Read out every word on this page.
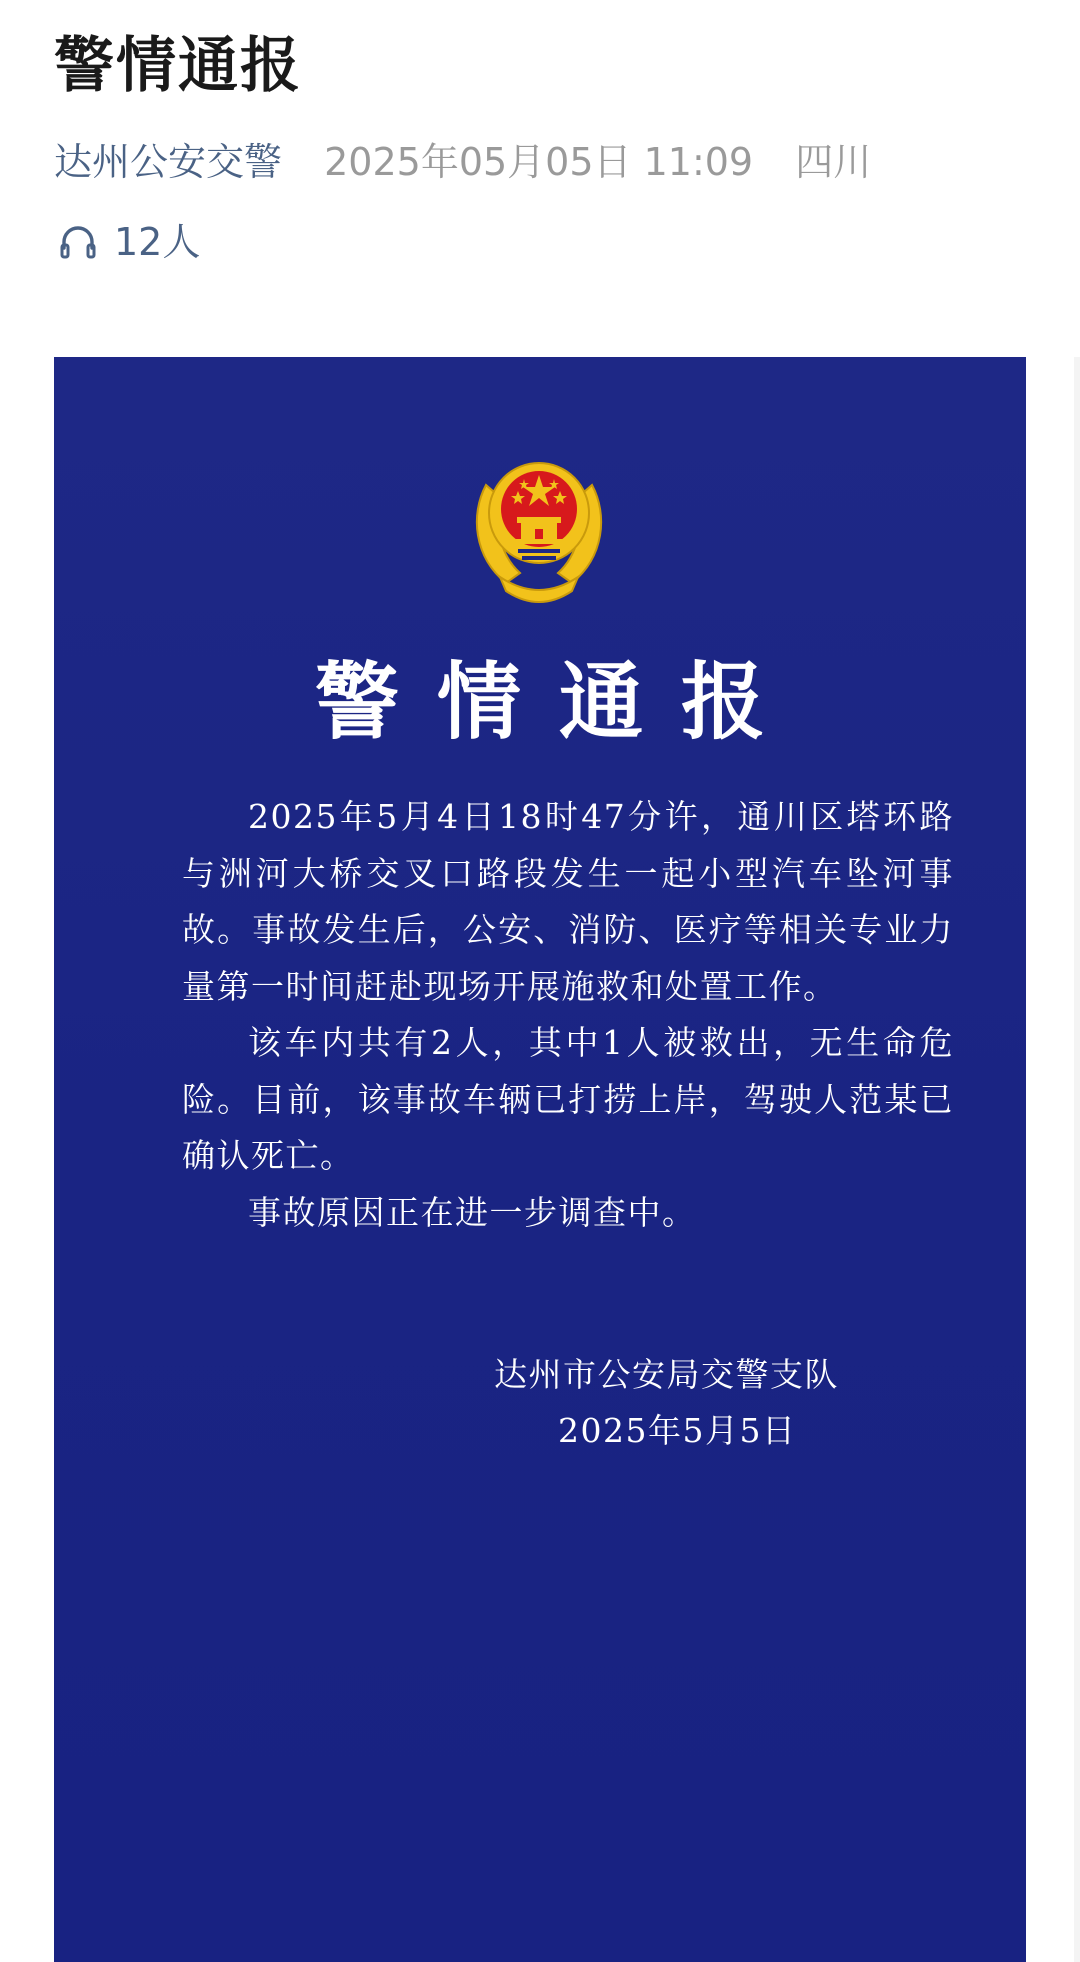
警情通报
达州公安交警 2025年05月05日 11:09 四川
12人
警情通报

2025年5月4日18时47分许，通川区塔环路与洲河大桥交叉口路段发生一起小型汽车坠河事故。事故发生后，公安、消防、医疗等相关专业力量第一时间赶赴现场开展施救和处置工作。

该车内共有2人，其中1人被救出，无生命危险。目前，该事故车辆已打捞上岸，驾驶人范某已确认死亡。

事故原因正在进一步调查中。

达州市公安局交警支队
2025年5月5日
